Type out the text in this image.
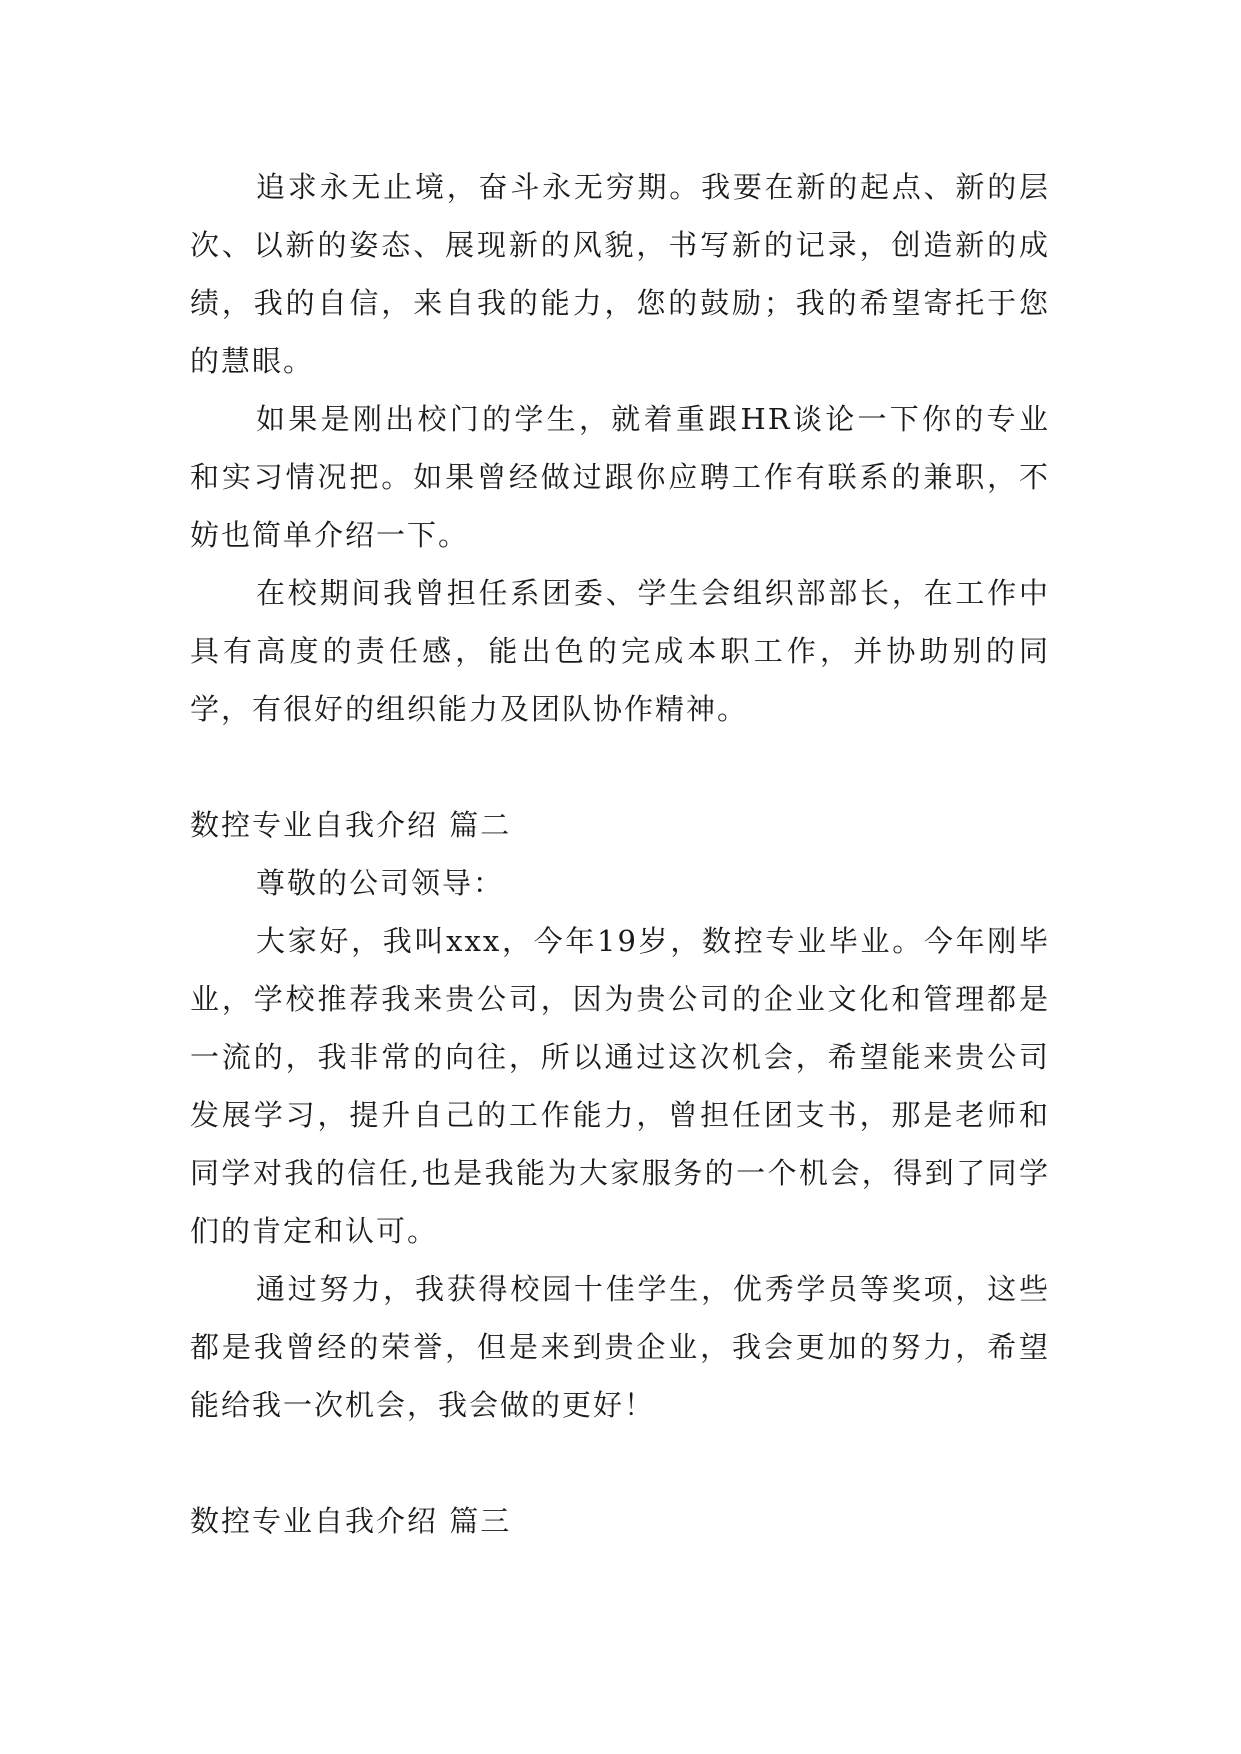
追求永无止境，奋斗永无穷期。我要在新的起点、新的层次、以新的姿态、展现新的风貌，书写新的记录，创造新的成绩，我的自信，来自我的能力，您的鼓励；我的希望寄托于您的慧眼。

如果是刚出校门的学生，就着重跟HR谈论一下你的专业和实习情况把。如果曾经做过跟你应聘工作有联系的兼职，不妨也简单介绍一下。

在校期间我曾担任系团委、学生会组织部部长，在工作中具有高度的责任感，能出色的完成本职工作，并协助别的同学，有很好的组织能力及团队协作精神。

数控专业自我介绍 篇二

尊敬的公司领导：

大家好，我叫xxx，今年19岁，数控专业毕业。今年刚毕业，学校推荐我来贵公司，因为贵公司的企业文化和管理都是一流的，我非常的向往，所以通过这次机会，希望能来贵公司发展学习，提升自己的工作能力，曾担任团支书，那是老师和同学对我的信任,也是我能为大家服务的一个机会，得到了同学们的肯定和认可。

通过努力，我获得校园十佳学生，优秀学员等奖项，这些都是我曾经的荣誉，但是来到贵企业，我会更加的努力，希望能给我一次机会，我会做的更好！

数控专业自我介绍 篇三
